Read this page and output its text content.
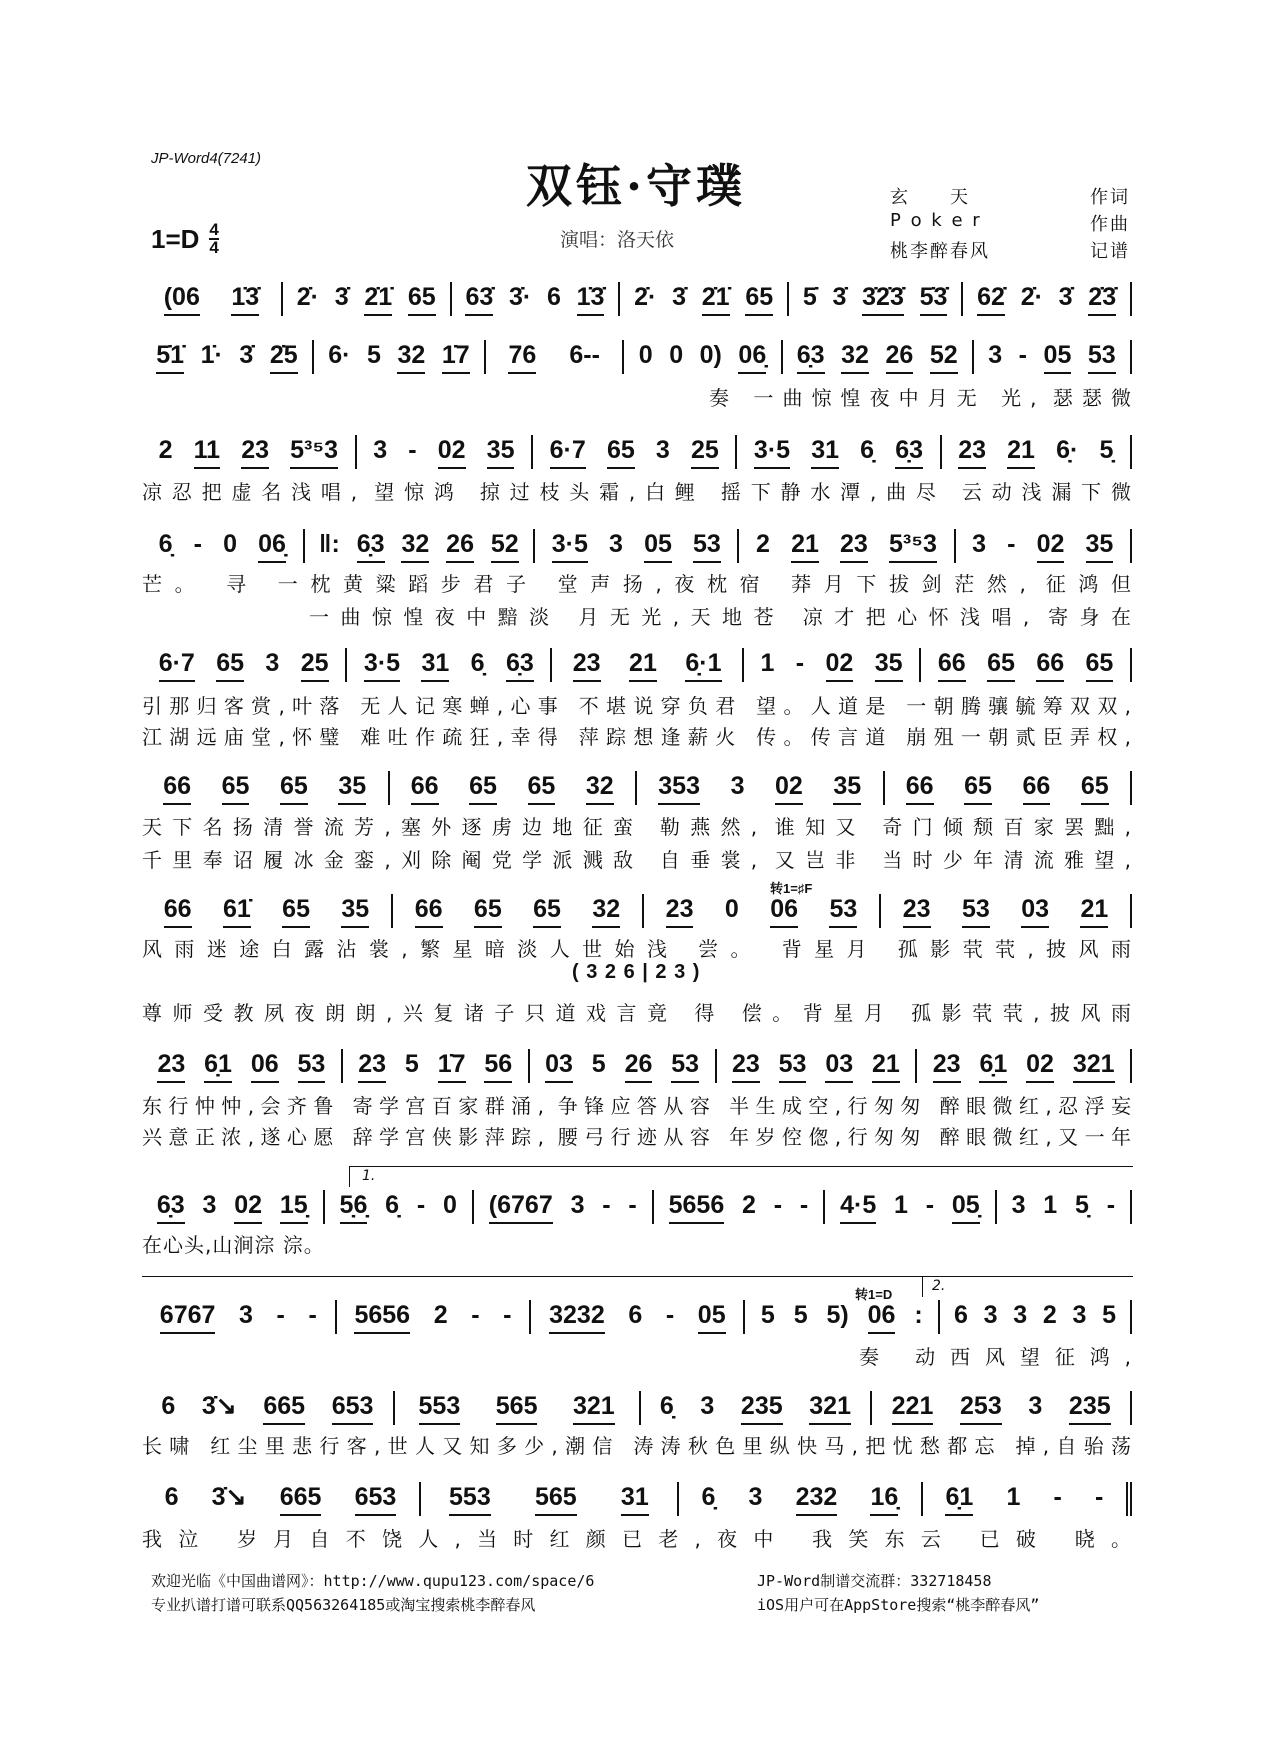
JP-Word4(7241)
双钰·守璞
$1=D \frac{4}{4}$	演唱：洛天依
玄　　天	作词
P o k e r	作曲
桃李醉春风	记谱
(06 1̇3̇ 2̇· 3̇ 2̇1̇ 65 63̇ 3̇· 6 1̇3̇ 2̇· 3̇ 2̇1̇ 65 5̇ 3̇ 3̇2̇3̇ 5̇3̇ 62̇ 2̇· 3̇ 2̇3̇
5̇1̇ 1̇· 3̇ 2̇5 6· 5 32 1̇7 76 6-- 0 0 0) 06̣ 6̣3 32 26 52 3 - 05 53
2 11 23 5³⁵3 3 - 02 35 6·7 65 3 25 3·5 31 6̣ 6̣3 23 21 6̣· 5̣
6̣ - 0 06̣ ‖: 6̣3 32 26 52 3·5 3 05 53 2 21 23 5³⁵3 3 - 02 35
6·7 65 3 25 3·5 31 6̣ 6̣3 23 21 6̣·1 1 - 02 35 66 65 66 65
66 65 65 35 66 65 65 32 353 3 02 35 66 65 66 65
66 61̇ 65 35 66 65 65 32 23 0 06 53 23 53 03 21
23 6̣1 06 53 23 5 1̇7 56 03 5 26 53 23 53 03 21 23 6̣1 02 321
6̣3 3 02 15̣ 5̣6̣ 6̣ - 0 (6767 3 - - 5656 2 - - 4·5 1 - 05̣ 3 1 5̣ -
6767 3 - - 5656 2 - - 3232 6 - 05 5 5 5) 06 : 6 3 3 2 3 5
6 3̇↘ 665 653 553 565 321 6̣ 3 235 321 221 253 3 235
6 3̇↘ 665 653 553 565 31 6̣ 3 232 16̣ 6̣1 1 - -
奏 一曲惊惶夜中月无 光, 瑟瑟微
凉忍把虚名浅唱, 望惊鸿 掠过枝头霜,白鲤 摇下静水潭,曲尽 云动浅漏下微
芒。 寻 一枕黄粱蹈步君子 堂声扬,夜枕宿 莽月下拔剑茫然, 征鸿但
一曲惊惶夜中黯淡 月无光,天地苍 凉才把心怀浅唱, 寄身在
引那归客赏,叶落 无人记寒蝉,心事 不堪说穿负君 望。人道是 一朝腾骧毓筹双双,
江湖远庙堂,怀璧 难吐作疏狂,幸得 萍踪想逢薪火 传。传言道 崩殂一朝贰臣弄权,
天下名扬清誉流芳,塞外逐虏边地征蛮 勒燕然, 谁知又 奇门倾颓百家罢黜,
千里奉诏履冰金銮,刈除阉党学派溅敌 自垂裳, 又岂非 当时少年清流雅望,
风雨迷途白露沾裳,繁星暗淡人世始浅 尝。 背星月 孤影茕茕,披风雨
( 3 2 6 | 2 3 )
尊师受教夙夜朗朗,兴复诸子只道戏言竟 得 偿。背星月 孤影茕茕,披风雨
东行忡忡,会齐鲁 寄学宫百家群涌, 争锋应答从容 半生成空,行匆匆 醉眼微红,忍浮妄
兴意正浓,遂心愿 辞学宫侠影萍踪, 腰弓行迹从容 年岁倥偬,行匆匆 醉眼微红,又一年
在心头,山涧淙 淙。
奏 动西风望征鸿,
长啸 红尘里悲行客,世人又知多少,潮信 涛涛秋色里纵快马,把忧愁都忘 掉,自骀荡
我泣 岁月自不饶人,当时红颜已老,夜中 我笑东云 已破 晓。
转1=♯F
转1=D
1.
2.
欢迎光临《中国曲谱网》：http://www.qupu123.com/space/6
专业扒谱打谱可联系QQ563264185或淘宝搜索桃李醉春风
JP-Word制谱交流群：332718458
iOS用户可在AppStore搜索“桃李醉春风”
